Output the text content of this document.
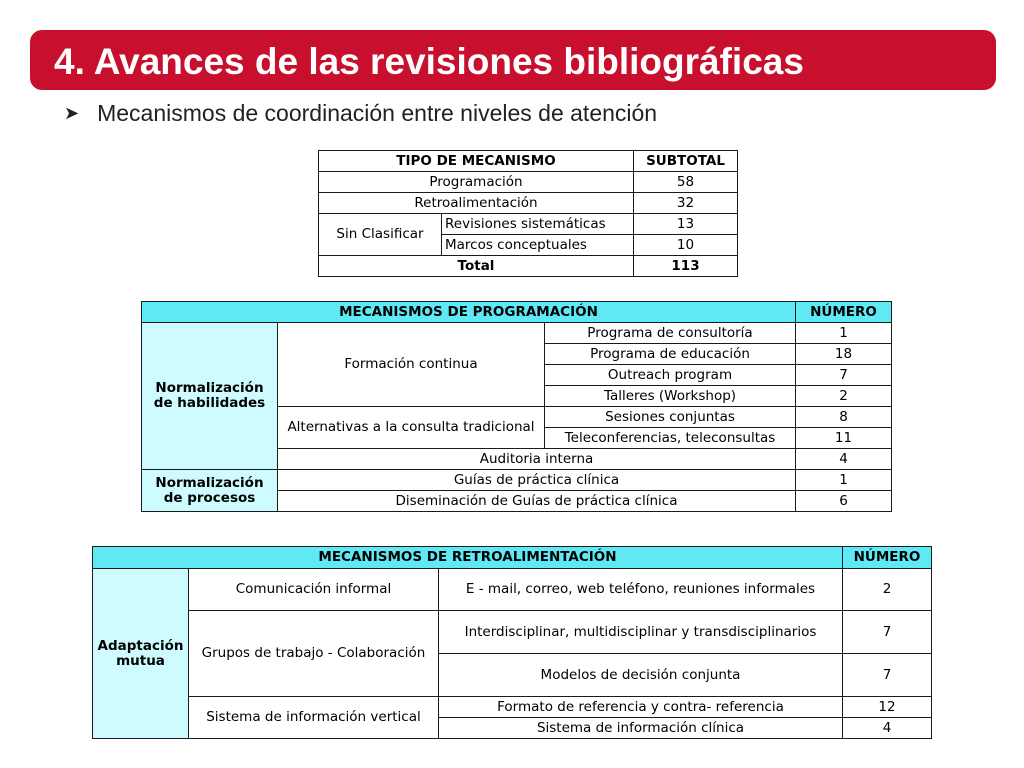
4. Avances de las revisiones bibliográficas
➤ Mecanismos de coordinación entre niveles de atención
TIPO DE MECANISMO		SUBTOTAL
Programación		58
Retroalimentación		32
Sin Clasificar	Revisiones sistemáticas	13
	Marcos conceptuales	10
Total		113
MECANISMOS DE PROGRAMACIÓN			NÚMERO
Normalización de habilidades	Formación continua	Programa de consultoría	1
		Programa de educación	18
		Outreach program	7
		Talleres (Workshop)	2
	Alternativas a la consulta tradicional	Sesiones conjuntas	8
		Teleconferencias, teleconsultas	11
	Auditoria interna		4
Normalización de procesos	Guías de práctica clínica		1
	Diseminación de Guías de práctica clínica		6
MECANISMOS DE RETROALIMENTACIÓN			NÚMERO
Adaptación mutua	Comunicación informal	E - mail, correo, web teléfono, reuniones informales	2
	Grupos de trabajo - Colaboración	Interdisciplinar, multidisciplinar y transdisciplinarios	7
		Modelos de decisión conjunta	7
	Sistema de información vertical	Formato de referencia y contra- referencia	12
		Sistema de información clínica	4
